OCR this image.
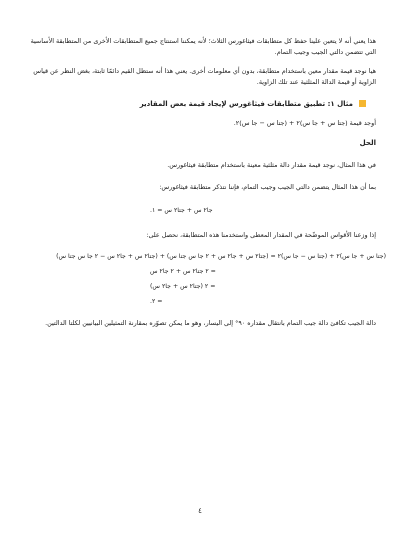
هذا يعني أنه لا يتعين علينا حفظ كل متطابقات فيثاغورس الثلاث؛ لأنه يمكننا استنتاج جميع المتطابقات الأخرى من المتطابقة الأساسية التي تتضمن دالتي الجيب وجيب التمام.

هيا نوجد قيمة مقدار معين باستخدام متطابقة، بدون أي معلومات أخرى. يعني هذا أنه ستظل القيم دائمًا ثابتة، بغض النظر عن قياس الزاوية أو قيمة الدالة المثلثية عند تلك الزاوية.

مثال ١: تطبيق متطابقات فيثاغورس لإيجاد قيمة بعض المقادير

أوجد قيمة (جتا س + جا س)٢ + (جتا س − جا س)٢.

الحل

في هذا المثال، نوجد قيمة مقدار دالة مثلثية معينة باستخدام متطابقة فيثاغورس.

بما أن هذا المثال يتضمن دالتي الجيب وجيب التمام، فإننا نتذكر متطابقة فيثاغورس:

جا٢ س + جتا٢ س = ١.

إذا وزعنا الأقواس الموضّحة في المقدار المعطى واستخدمنا هذه المتطابقة، نحصل على:

(جتا س + جا س)٢ + (جتا س − جا س)٢ = (جتا٢ س + جا٢ س + ٢ جا س جتا س) + (جتا٢ س + جا٢ س − ٢ جا س جتا س)
= ٢ جتا٢ س + ٢ جا٢ س
= ٢ (جتا٢ س + جا٢ س)
= ٢.

دالة الجيب تكافئ دالة جيب التمام بانتقال مقداره ٩٠° إلى اليسار، وهو ما يمكن تصوّره بمقارنة التمثيلين البيانيين لكلتا الدالتين.

٤
